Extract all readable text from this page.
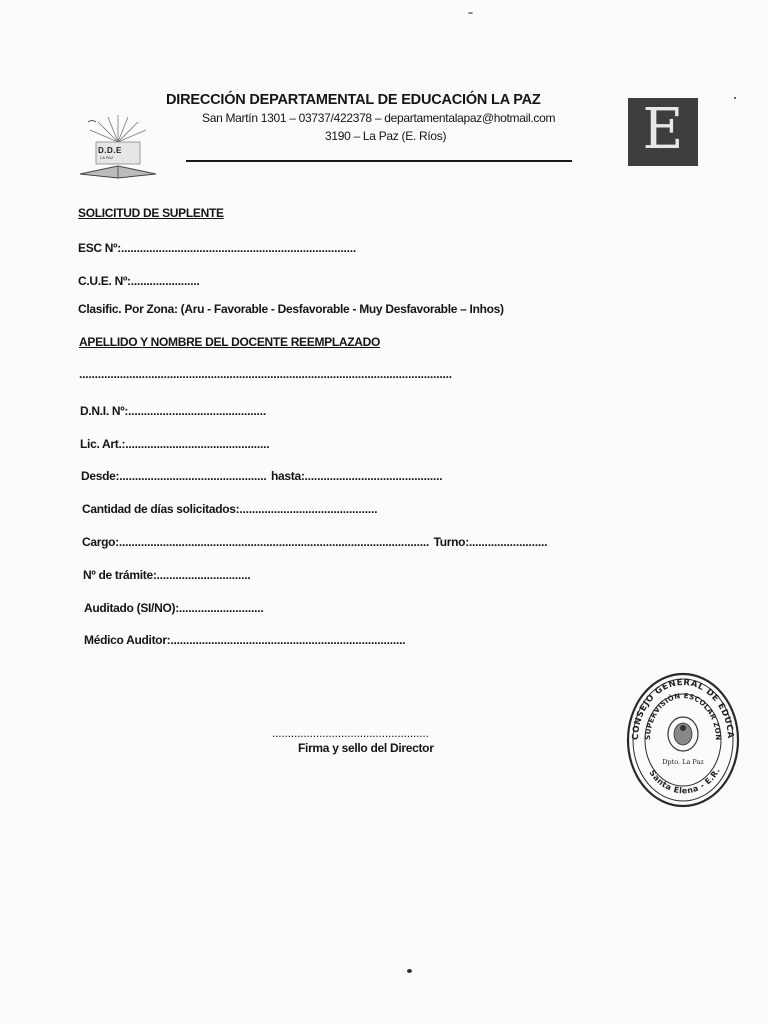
D.D.E
LA PAZ
DIRECCIÓN DEPARTAMENTAL DE EDUCACIÓN LA PAZ
San Martín 1301 – 03737/422378 – departamentalapaz@hotmail.com
3190 – La Paz (E. Ríos)	E
SOLICITUD DE SUPLENTE
ESC Nº:...........................................................................
C.U.E. Nº:......................
Clasific. Por Zona: (Aru - Favorable - Desfavorable - Muy Desfavorable – Inhos)
APELLIDO Y NOMBRE DEL DOCENTE REEMPLAZADO
.......................................................................................................................
D.N.I. Nº:............................................
Lic. Art.:..............................................
Desde:............................................... hasta:............................................
Cantidad de días solicitados:............................................
Cargo:................................................................................................... Turno:.........................
Nº de trámite:..............................
Auditado (SI/NO):...........................
Médico Auditor:...........................................................................
..................................................
Firma y sello del Director
CONSEJO GENERAL DE EDUCA
SUPERVISIÓN ESCOLAR ZON
Dpto. La Paz
Santa Elena - E.R.
